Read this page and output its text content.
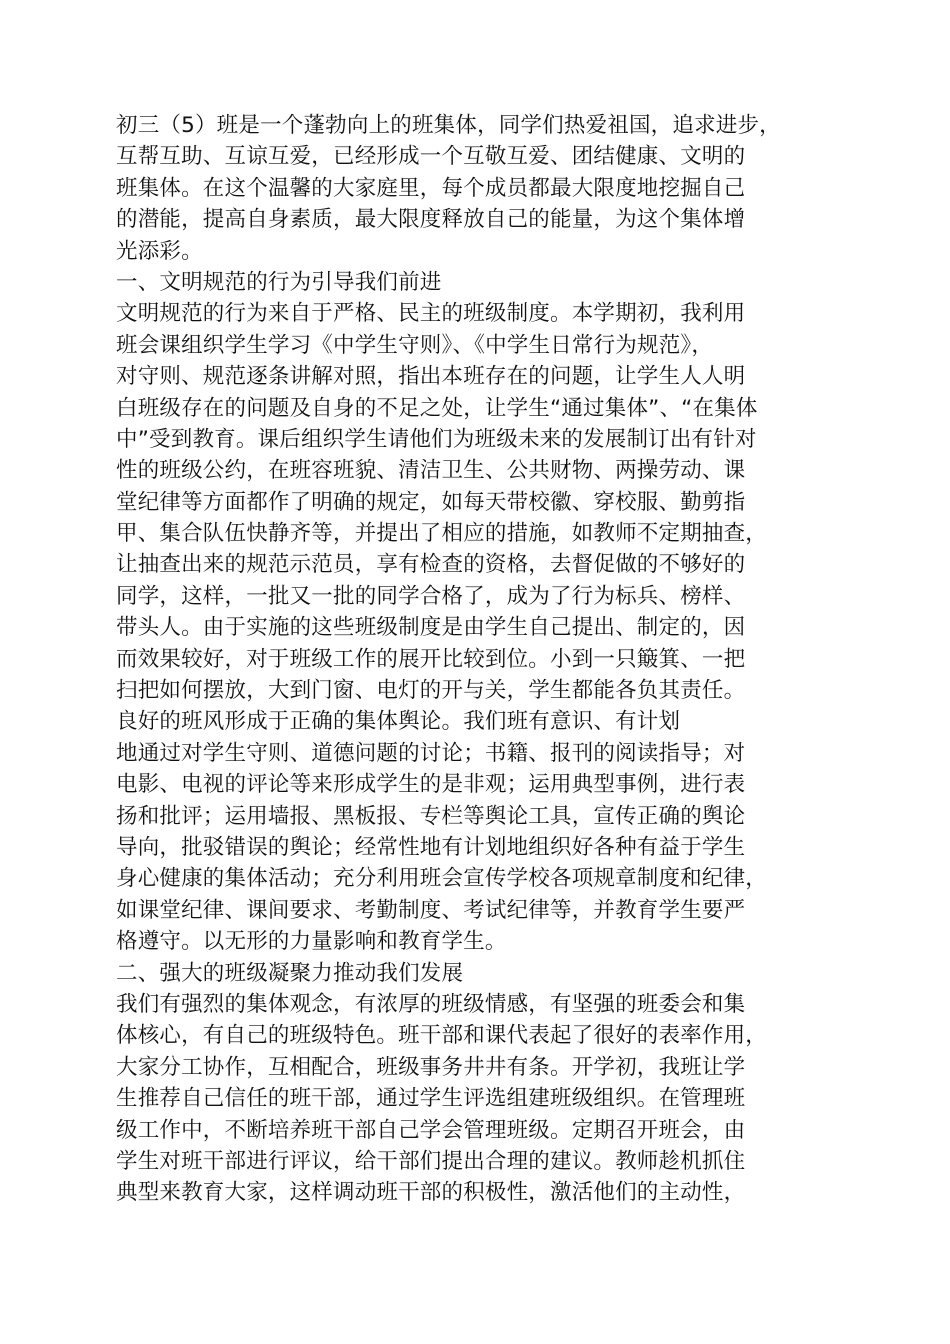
初三（5）班是一个蓬勃向上的班集体，同学们热爱祖国，追求进步，
互帮互助、互谅互爱，已经形成一个互敬互爱、团结健康、文明的
班集体。在这个温馨的大家庭里，每个成员都最大限度地挖掘自己
的潜能，提高自身素质，最大限度释放自己的能量，为这个集体增
光添彩。
一、文明规范的行为引导我们前进
文明规范的行为来自于严格、民主的班级制度。本学期初，我利用
班会课组织学生学习《中学生守则》、《中学生日常行为规范》，
对守则、规范逐条讲解对照，指出本班存在的问题，让学生人人明
白班级存在的问题及自身的不足之处，让学生“通过集体”、“在集体
中”受到教育。课后组织学生请他们为班级未来的发展制订出有针对
性的班级公约，在班容班貌、清洁卫生、公共财物、两操劳动、课
堂纪律等方面都作了明确的规定，如每天带校徽、穿校服、勤剪指
甲、集合队伍快静齐等，并提出了相应的措施，如教师不定期抽查，
让抽查出来的规范示范员，享有检查的资格，去督促做的不够好的
同学，这样，一批又一批的同学合格了，成为了行为标兵、榜样、
带头人。由于实施的这些班级制度是由学生自己提出、制定的，因
而效果较好，对于班级工作的展开比较到位。小到一只簸箕、一把
扫把如何摆放，大到门窗、电灯的开与关，学生都能各负其责任。
良好的班风形成于正确的集体舆论。我们班有意识、有计划
地通过对学生守则、道德问题的讨论；书籍、报刊的阅读指导；对
电影、电视的评论等来形成学生的是非观；运用典型事例，进行表
扬和批评；运用墙报、黑板报、专栏等舆论工具，宣传正确的舆论
导向，批驳错误的舆论；经常性地有计划地组织好各种有益于学生
身心健康的集体活动；充分利用班会宣传学校各项规章制度和纪律，
如课堂纪律、课间要求、考勤制度、考试纪律等，并教育学生要严
格遵守。以无形的力量影响和教育学生。
二、强大的班级凝聚力推动我们发展
我们有强烈的集体观念，有浓厚的班级情感，有坚强的班委会和集
体核心，有自己的班级特色。班干部和课代表起了很好的表率作用，
大家分工协作，互相配合，班级事务井井有条。开学初，我班让学
生推荐自己信任的班干部，通过学生评选组建班级组织。在管理班
级工作中，不断培养班干部自己学会管理班级。定期召开班会，由
学生对班干部进行评议，给干部们提出合理的建议。教师趁机抓住
典型来教育大家，这样调动班干部的积极性，激活他们的主动性，
